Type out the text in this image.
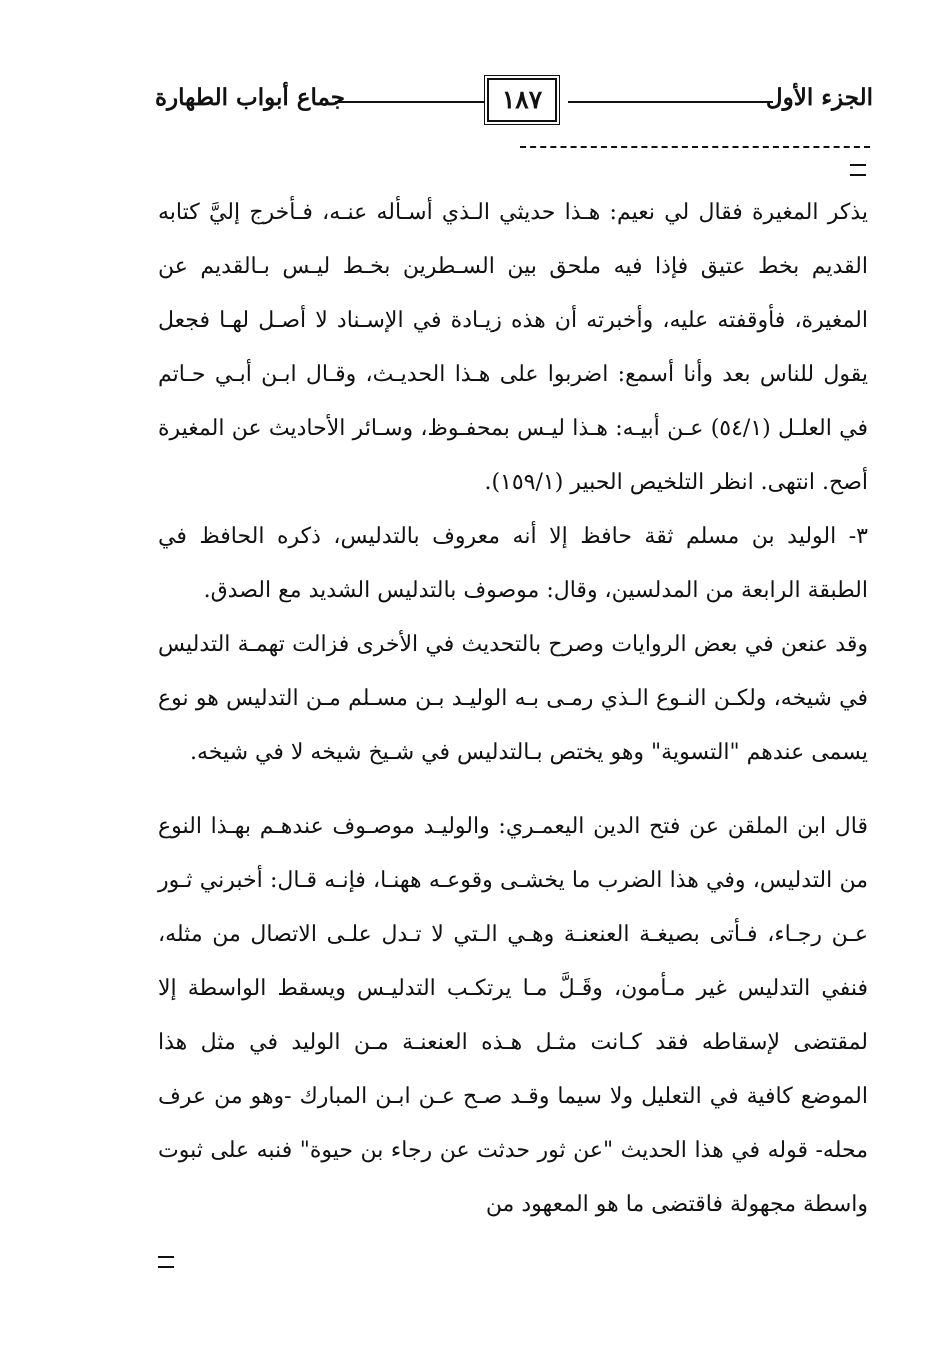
الجزء الأول
١٨٧
جماع أبواب الطهارة

يذكر المغيرة فقال لي نعيم: هـذا حديثي الـذي أسـأله عنـه، فـأخرج إليَّ كتابه القديم بخط عتيق فإذا فيه ملحق بين السـطرين بخـط ليـس بـالقديم عن المغيرة، فأوقفته عليه، وأخبرته أن هذه زيـادة في الإسـناد لا أصـل لهـا فجعل يقول للناس بعد وأنا أسمع: اضربوا على هـذا الحديـث، وقـال ابـن أبـي حـاتم في العلـل (٥٤/١) عـن أبيـه: هـذا ليـس بمحفـوظ، وسـائر الأحاديث عن المغيرة أصح. انتهى. انظر التلخيص الحبير (١٥٩/١).

٣- الوليد بن مسلم ثقة حافظ إلا أنه معروف بالتدليس، ذكره الحافظ في الطبقة الرابعة من المدلسين، وقال: موصوف بالتدليس الشديد مع الصدق.

وقد عنعن في بعض الروايات وصرح بالتحديث في الأخرى فزالت تهمـة التدليس في شيخه، ولكـن النـوع الـذي رمـى بـه الوليـد بـن مسـلم مـن التدليس هو نوع يسمى عندهم "التسوية" وهو يختص بـالتدليس في شـيخ شيخه لا في شيخه.

قال ابن الملقن عن فتح الدين اليعمـري: والوليـد موصـوف عندهـم بهـذا النوع من التدليس، وفي هذا الضرب ما يخشـى وقوعـه ههنـا، فإنـه قـال: أخبرني ثـور عـن رجـاء، فـأتى بصيغـة العنعنـة وهـي الـتي لا تـدل علـى الاتصال من مثله، فنفي التدليس غير مـأمون، وقَـلَّ مـا يرتكـب التدليـس ويسقط الواسطة إلا لمقتضى لإسقاطه فقد كـانت مثـل هـذه العنعنـة مـن الوليد في مثل هذا الموضع كافية في التعليل ولا سيما وقـد صـح عـن ابـن المبارك -وهو من عرف محله- قوله في هذا الحديث "عن ثور حدثت عن رجاء بن حيوة" فنبه على ثبوت واسطة مجهولة فاقتضى ما هو المعهود من
